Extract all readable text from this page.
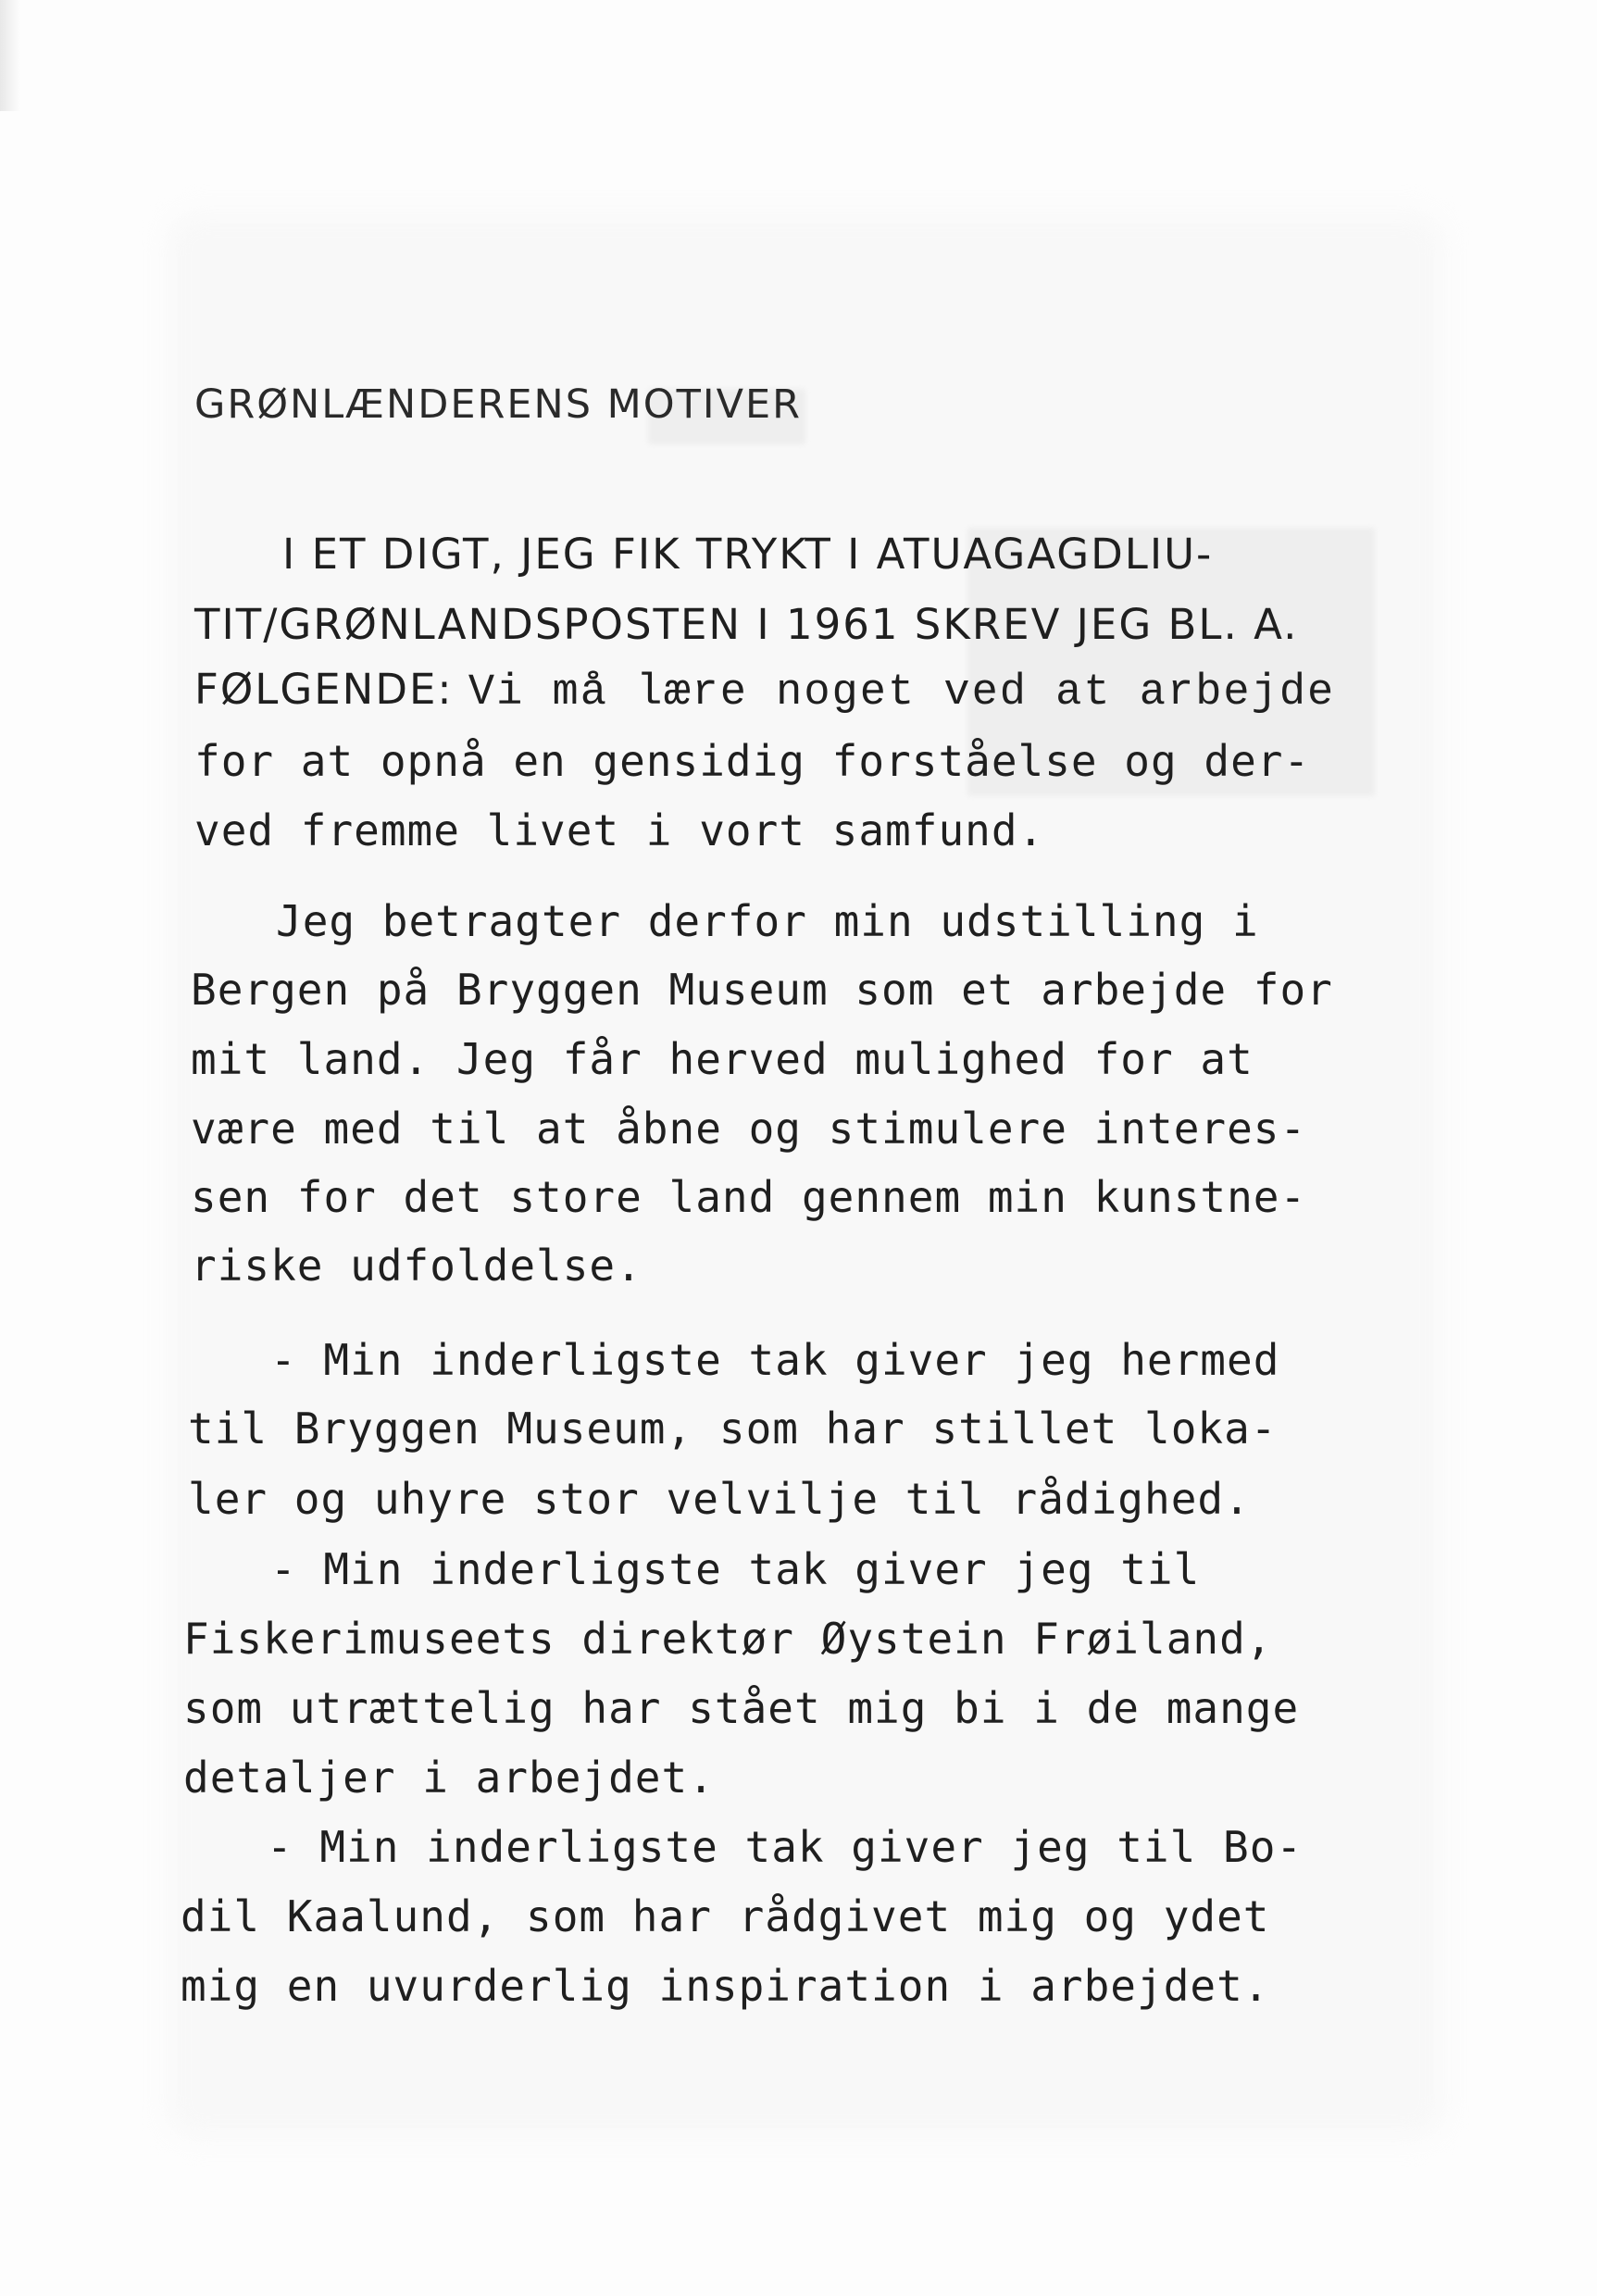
GRØNLÆNDERENS MOTIVER
I ET DIGT, JEG FIK TRYKT I ATUAGAGDLIU-
TIT/GRØNLANDSPOSTEN I 1961 SKREV JEG BL. A.
FØLGENDE: Vi må lære noget ved at arbejde
for at opnå en gensidig forståelse og der-
ved fremme livet i vort samfund.
Jeg betragter derfor min udstilling i
Bergen på Bryggen Museum som et arbejde for
mit land. Jeg får herved mulighed for at
være med til at åbne og stimulere interes-
sen for det store land gennem min kunstne-
riske udfoldelse.
- Min inderligste tak giver jeg hermed
til Bryggen Museum, som har stillet loka-
ler og uhyre stor velvilje til rådighed.
- Min inderligste tak giver jeg til
Fiskerimuseets direktør Øystein Frøiland,
som utrættelig har stået mig bi i de mange
detaljer i arbejdet.
- Min inderligste tak giver jeg til Bo-
dil Kaalund, som har rådgivet mig og ydet
mig en uvurderlig inspiration i arbejdet.
